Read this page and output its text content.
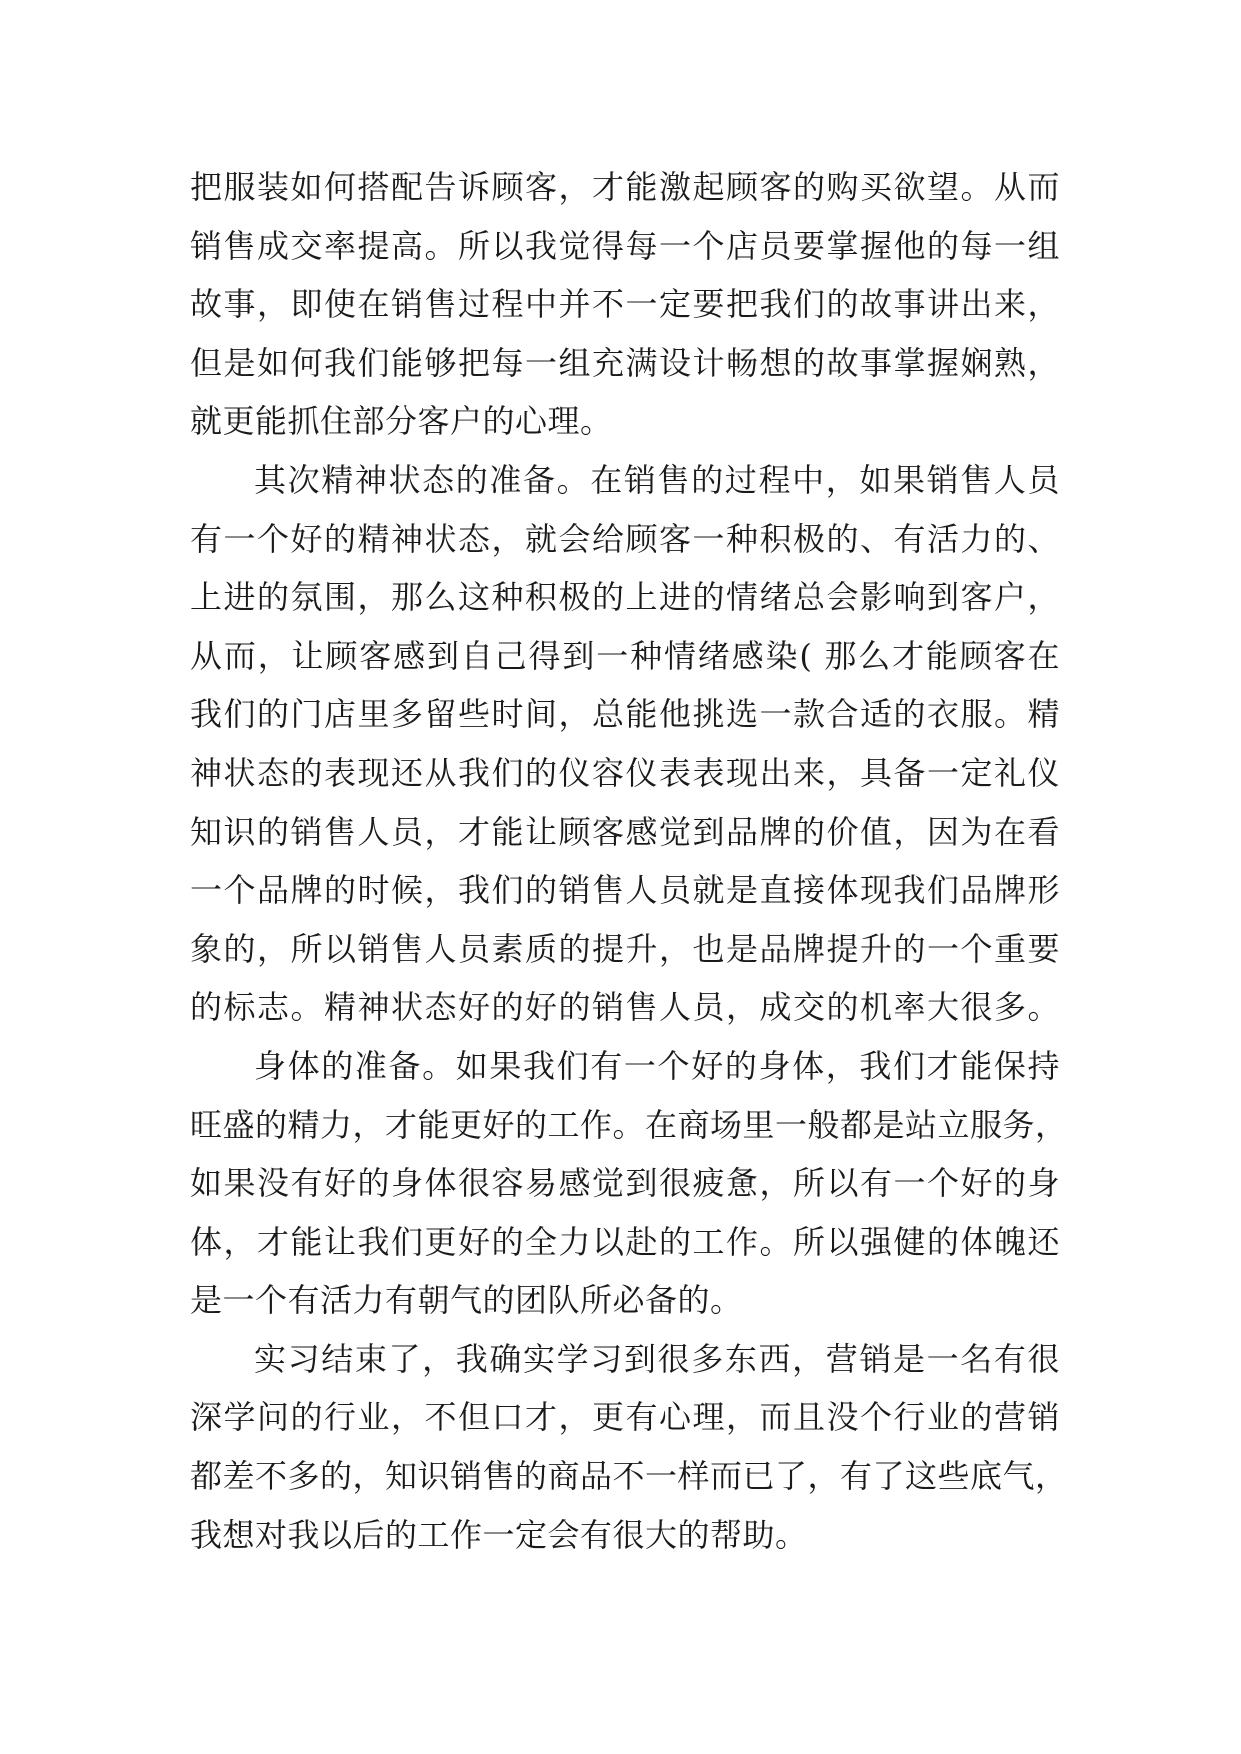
把服装如何搭配告诉顾客，才能激起顾客的购买欲望。从而
销售成交率提高。所以我觉得每一个店员要掌握他的每一组
故事，即使在销售过程中并不一定要把我们的故事讲出来，
但是如何我们能够把每一组充满设计畅想的故事掌握娴熟，
就更能抓住部分客户的心理。
其次精神状态的准备。在销售的过程中，如果销售人员
有一个好的精神状态，就会给顾客一种积极的、有活力的、
上进的氛围，那么这种积极的上进的情绪总会影响到客户，
从而，让顾客感到自己得到一种情绪感染( 那么才能顾客在
我们的门店里多留些时间，总能他挑选一款合适的衣服。精
神状态的表现还从我们的仪容仪表表现出来，具备一定礼仪
知识的销售人员，才能让顾客感觉到品牌的价值，因为在看
一个品牌的时候，我们的销售人员就是直接体现我们品牌形
象的，所以销售人员素质的提升，也是品牌提升的一个重要
的标志。精神状态好的好的销售人员，成交的机率大很多。
身体的准备。如果我们有一个好的身体，我们才能保持
旺盛的精力，才能更好的工作。在商场里一般都是站立服务，
如果没有好的身体很容易感觉到很疲惫，所以有一个好的身
体，才能让我们更好的全力以赴的工作。所以强健的体魄还
是一个有活力有朝气的团队所必备的。
实习结束了，我确实学习到很多东西，营销是一名有很
深学问的行业，不但口才，更有心理，而且没个行业的营销
都差不多的，知识销售的商品不一样而已了，有了这些底气，
我想对我以后的工作一定会有很大的帮助。
